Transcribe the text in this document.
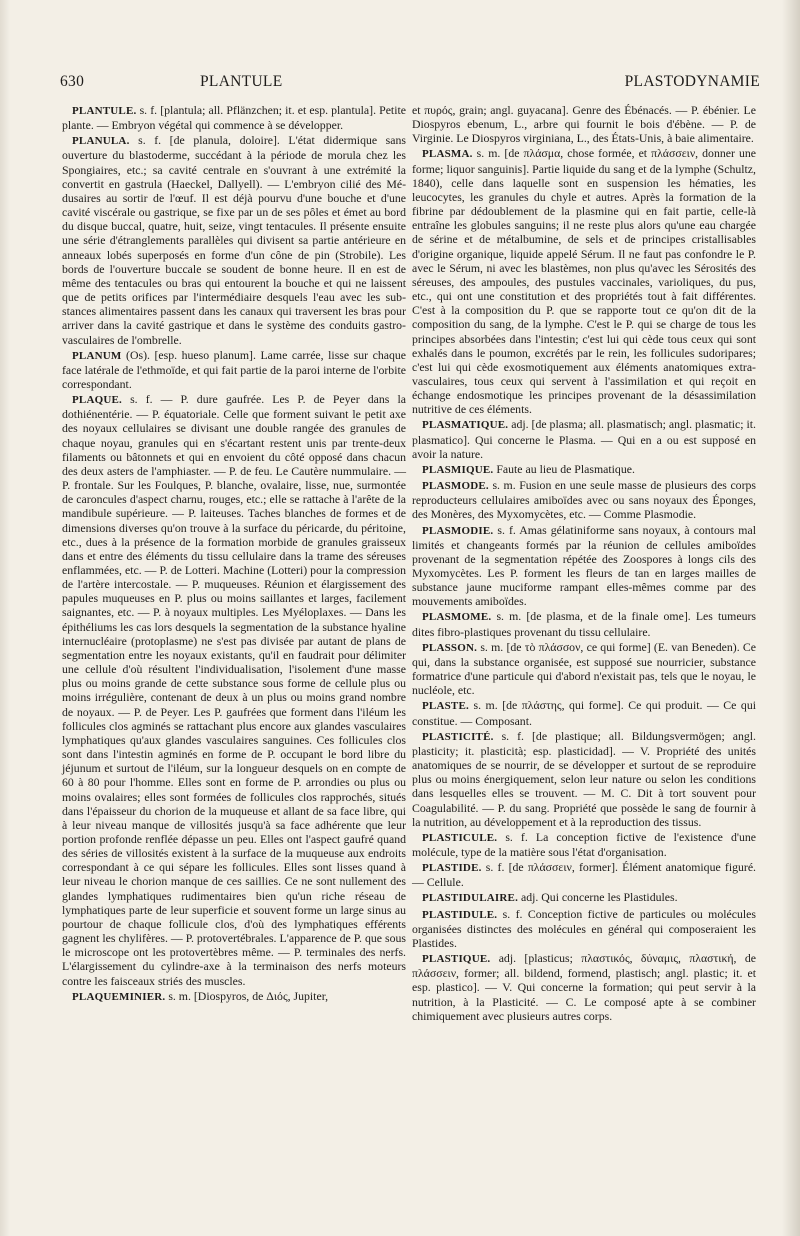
630	PLANTULE	PLASTODYNAMIE

PLANTULE. s. f. [plantula; all. Pflänzchen; it. et esp. plantula]. Petite plante. — Embryon végétal qui commence à se développer.

PLANULA. s. f. [de planula, doloire]. L'état didermique sans ouverture du blastoderme, succédant à la période de morula chez les Spongiaires, etc.; sa cavité centrale en s'ouvrant à une extrémité la convertit en gastrula (Haeckel, Dallyell). — L'embryon cilié des Médusaires au sortir de l'œuf. Il est déjà pourvu d'une bouche et d'une cavité viscérale ou gastrique, se fixe par un de ses pôles et émet au bord du disque buccal, quatre, huit, seize, vingt tentacules. Il présente ensuite une série d'étranglements parallèles qui divisent sa partie antérieure en anneaux lobés superposés en forme d'un cône de pin (Strobile). Les bords de l'ouverture buccale se soudent de bonne heure. Il en est de même des tentacules ou bras qui entourent la bouche et qui ne laissent que de petits orifices par l'intermédiaire desquels l'eau avec les substances alimentaires passent dans les canaux qui traversent les bras pour arriver dans la cavité gastrique et dans le système des conduits gastro-vasculaires de l'ombrelle.

PLANUM (Os). [esp. hueso planum]. Lame carrée, lisse sur chaque face latérale de l'ethmoïde, et qui fait partie de la paroi interne de l'orbite correspondant.

PLAQUE. s. f. — P. dure gaufrée. Les P. de Peyer dans la dothiénentérie. — P. équatoriale. Celle que forment suivant le petit axe des noyaux cellulaires se divisant une double rangée des granules de chaque noyau, granules qui en s'écartant restent unis par trente-deux filaments ou bâtonnets et qui en envoient du côté opposé dans chacun des deux asters de l'amphiaster. — P. de feu. Le Cautère nummulaire. — P. frontale. Sur les Foulques, P. blanche, ovalaire, lisse, nue, surmontée de caroncules d'aspect charnu, rouges, etc.; elle se rattache à l'arête de la mandibule supérieure. — P. laiteuses. Taches blanches de formes et de dimensions diverses qu'on trouve à la surface du péricarde, du péritoine, etc., dues à la présence de la formation morbide de granules graisseux dans et entre des éléments du tissu cellulaire dans la trame des séreuses enflammées, etc. — P. de Lotteri. Machine (Lotteri) pour la compression de l'artère intercostale. — P. muqueuses. Réunion et élargissement des papules muqueuses en P. plus ou moins saillantes et larges, facilement saignantes, etc. — P. à noyaux multiples. Les Myéloplaxes. — Dans les épithéliums les cas lors desquels la segmentation de la substance hyaline internucléaire (protoplasme) ne s'est pas divisée par autant de plans de segmentation entre les noyaux existants, qu'il en faudrait pour délimiter une cellule d'où résultent l'individualisation, l'isolement d'une masse plus ou moins grande de cette substance sous forme de cellule plus ou moins irrégulière, contenant de deux à un plus ou moins grand nombre de noyaux. — P. de Peyer. Les P. gaufrées que forment dans l'iléum les follicules clos agminés se rattachant plus encore aux glandes vasculaires lymphatiques qu'aux glandes vasculaires sanguines. Ces follicules clos sont dans l'intestin agminés en forme de P. occupant le bord libre du jéjunum et surtout de l'iléum, sur la longueur desquels on en compte de 60 à 80 pour l'homme. Elles sont en forme de P. arrondies ou plus ou moins ovalaires; elles sont formées de follicules clos rapprochés, situés dans l'épaisseur du chorion de la muqueuse et allant de sa face libre, qui à leur niveau manque de villosités jusqu'à sa face adhérente que leur portion profonde renflée dépasse un peu. Elles ont l'aspect gaufré quand des séries de villosités existent à la surface de la muqueuse aux endroits correspondant à ce qui sépare les follicules. Elles sont lisses quand à leur niveau le chorion manque de ces saillies. Ce ne sont nullement des glandes lymphatiques rudimentaires bien qu'un riche réseau de lymphatiques parte de leur superficie et souvent forme un large sinus au pourtour de chaque follicule clos, d'où des lymphatiques efférents gagnent les chylifères. — P. protovertébrales. L'apparence de P. que sous le microscope ont les protovertèbres même. — P. terminales des nerfs. L'élargissement du cylindre-axe à la terminaison des nerfs moteurs contre les faisceaux striés des muscles.

PLAQUEMINIER. s. m. [Diospyros, de Διός, Jupiter,

et πυρός, grain; angl. guyacana]. Genre des Ébénacés. — P. ébénier. Le Diospyros ebenum, L., arbre qui fournit le bois d'ébène. — P. de Virginie. Le Diospyros virginiana, L., des États-Unis, à baie alimentaire.

PLASMA. s. m. [de πλάσμα, chose formée, et πλάσσειν, donner une forme; liquor sanguinis]. Partie liquide du sang et de la lymphe (Schultz, 1840), celle dans laquelle sont en suspension les hématies, les leucocytes, les granules du chyle et autres. Après la formation de la fibrine par dédoublement de la plasmine qui en fait partie, celle-là entraîne les globules sanguins; il ne reste plus alors qu'une eau chargée de sérine et de métalbumine, de sels et de principes cristallisables d'origine organique, liquide appelé Sérum. Il ne faut pas confondre le P. avec le Sérum, ni avec les blastèmes, non plus qu'avec les Sérosités des séreuses, des ampoules, des pustules vaccinales, varioliques, du pus, etc., qui ont une constitution et des propriétés tout à fait différentes. C'est à la composition du P. que se rapporte tout ce qu'on dit de la composition du sang, de la lymphe. C'est le P. qui se charge de tous les principes absorbées dans l'intestin; c'est lui qui cède tous ceux qui sont exhalés dans le poumon, excrétés par le rein, les follicules sudoripares; c'est lui qui cède exosmotiquement aux éléments anatomiques extra-vasculaires, tous ceux qui servent à l'assimilation et qui reçoit en échange endosmotique les principes provenant de la désassimilation nutritive de ces éléments.

PLASMATIQUE. adj. [de plasma; all. plasmatisch; angl. plasmatic; it. plasmatico]. Qui concerne le Plasma. — Qui en a ou est supposé en avoir la nature.

PLASMIQUE. Faute au lieu de Plasmatique.

PLASMODE. s. m. Fusion en une seule masse de plusieurs des corps reproducteurs cellulaires amiboïdes avec ou sans noyaux des Éponges, des Monères, des Myxomycètes, etc. — Comme Plasmodie.

PLASMODIE. s. f. Amas gélatiniforme sans noyaux, à contours mal limités et changeants formés par la réunion de cellules amiboïdes provenant de la segmentation répétée des Zoospores à longs cils des Myxomycètes. Les P. forment les fleurs de tan en larges mailles de substance jaune muciforme rampant elles-mêmes comme par des mouvements amiboïdes.

PLASMOME. s. m. [de plasma, et de la finale ome]. Les tumeurs dites fibro-plastiques provenant du tissu cellulaire.

PLASSON. s. m. [de τὸ πλάσσον, ce qui forme] (E. van Beneden). Ce qui, dans la substance organisée, est supposé sue nourricier, substance formatrice d'une particule qui d'abord n'existait pas, tels que le noyau, le nucléole, etc.

PLASTE. s. m. [de πλάστης, qui forme]. Ce qui produit. — Ce qui constitue. — Composant.

PLASTICITÉ. s. f. [de plastique; all. Bildungsvermögen; angl. plasticity; it. plasticità; esp. plasticidad]. — V. Propriété des unités anatomiques de se nourrir, de se développer et surtout de se reproduire plus ou moins énergiquement, selon leur nature ou selon les conditions dans lesquelles elles se trouvent. — M. C. Dit à tort souvent pour Coagulabilité. — P. du sang. Propriété que possède le sang de fournir à la nutrition, au développement et à la reproduction des tissus.

PLASTICULE. s. f. La conception fictive de l'existence d'une molécule, type de la matière sous l'état d'organisation.

PLASTIDE. s. f. [de πλάσσειν, former]. Élément anatomique figuré. — Cellule.

PLASTIDULAIRE. adj. Qui concerne les Plastidules.

PLASTIDULE. s. f. Conception fictive de particules ou molécules organisées distinctes des molécules en général qui composeraient les Plastides.

PLASTIQUE. adj. [plasticus; πλαστικός, δύναμις, πλαστική, de πλάσσειν, former; all. bildend, formend, plastisch; angl. plastic; it. et esp. plastico]. — V. Qui concerne la formation; qui peut servir à la nutrition, à la Plasticité. — C. Le composé apte à se combiner chimiquement avec plusieurs autres corps.
